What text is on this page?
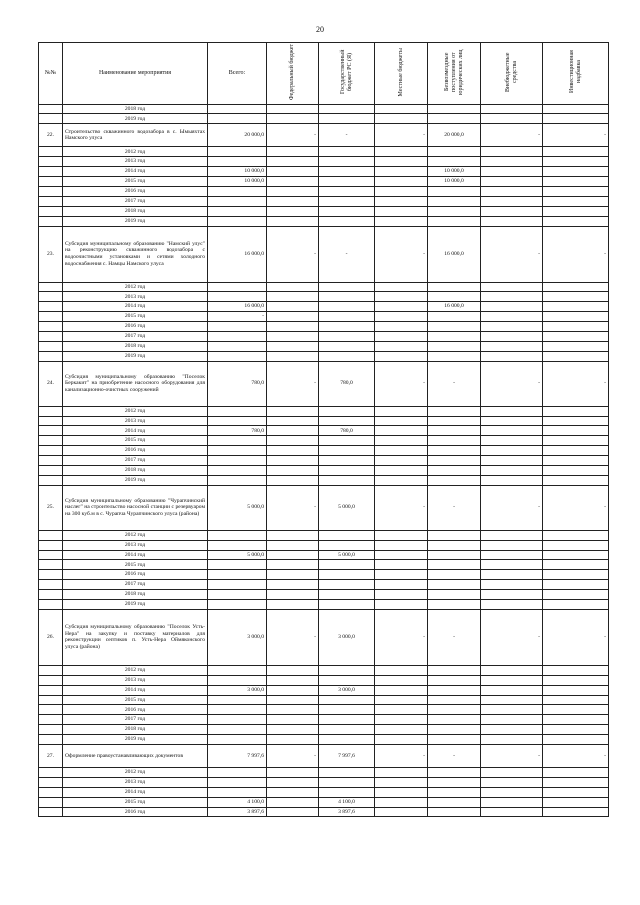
20
№№	Наименование мероприятия	Всего:	Федеральный бюджет	Государственный бюджет РС (Я)	Местные бюджеты	Безвозмездные поступления от юридических лиц	Внебюджетные средства	Инвестиционная надбавка
	2018 год							
	2019 год							
22.	Строительство скважинного водозабора в с. Ымыяхтах Намского улуса	20 000,0	-	-	-	20 000,0	-	-
	2012 год							
	2013 год							
	2014 год	10 000,0				10 000,0		
	2015 год	10 000,0				10 000,0		
	2016 год							
	2017 год							
	2018 год							
	2019 год							
23.	Субсидия муниципальному образованию "Намский улус" на реконструкцию скважинного водозабора с водоочистными установками и сетями холодного водоснабжения с. Намцы Намского улуса	16 000,0	-	-	-	16 000,0	-	-
	2012 год							
	2013 год							
	2014 год	16 000,0				16 000,0		
	2015 год	-						
	2016 год							
	2017 год							
	2018 год							
	2019 год							
24.	Субсидия муниципальному образованию "Поселок Беркакит" на приобретение насосного оборудования для канализационно-очистных сооружений	780,0	-	780,0	-	-	-	-
	2012 год							
	2013 год							
	2014 год	780,0		780,0				
	2015 год							
	2016 год							
	2017 год							
	2018 год							
	2019 год							
25.	Субсидия муниципальному образованию "Чурапчинский наслег" на строительство насосной станции с резервуаром на 300 куб.м в с. Чурапча Чурапчинского улуса (района)	5 000,0	-	5 000,0	-	-	-	-
	2012 год							
	2013 год							
	2014 год	5 000,0		5 000,0				
	2015 год							
	2016 год							
	2017 год							
	2018 год							
	2019 год							
26.	Субсидия муниципальному образованию "Поселок Усть-Нера" на закупку и поставку материалов для реконструкции септиков п. Усть-Нера Оймяконского улуса (района)	3 000,0	-	3 000,0	-	-	-	-
	2012 год							
	2013 год							
	2014 год	3 000,0		3 000,0				
	2015 год							
	2016 год							
	2017 год							
	2018 год							
	2019 год							
27.	Оформление правоустанавливающих документов	7 997,6	-	7 997,6	-	-	-	-
	2012 год							
	2013 год							
	2014 год							
	2015 год	4 100,0		4 100,0				
	2016 год	3 897,6		3 897,6				
